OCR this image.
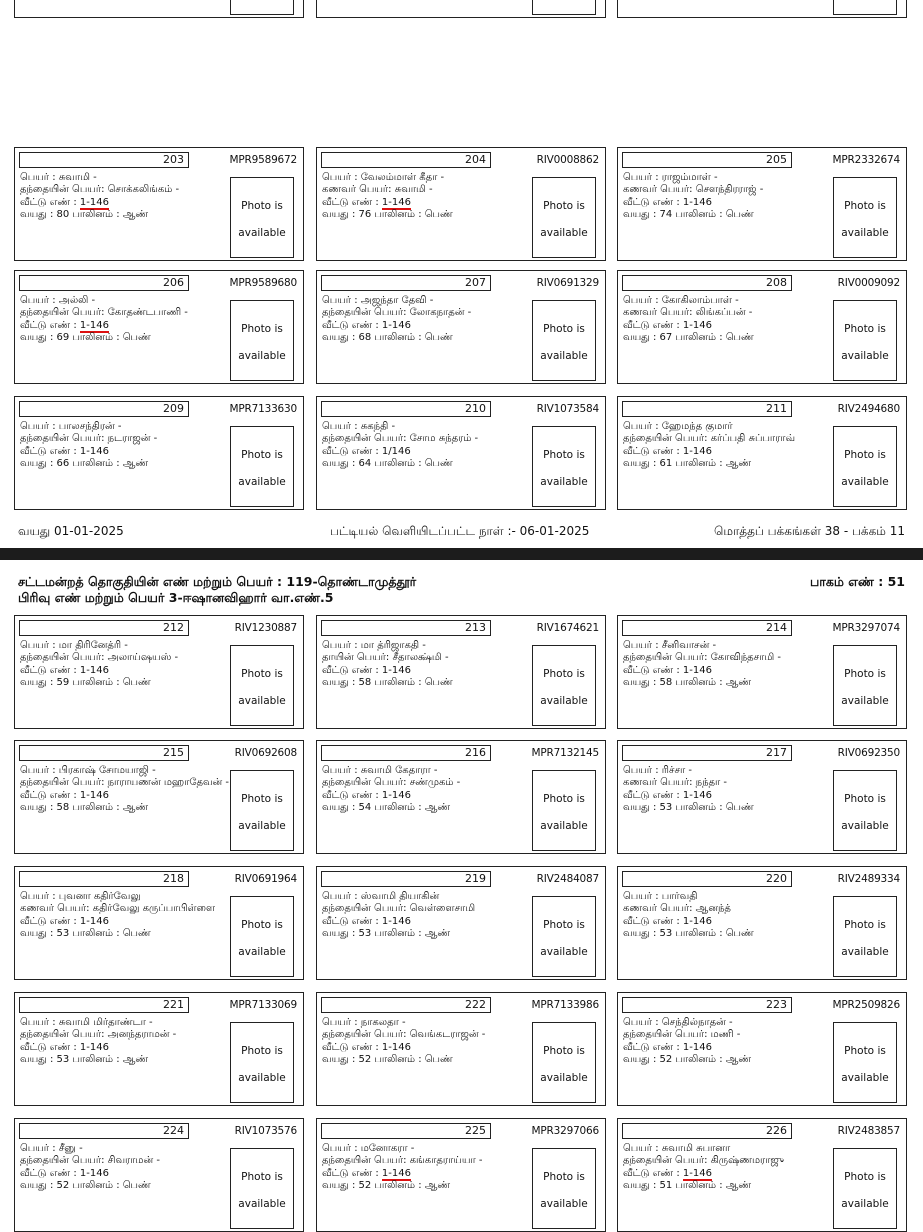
203	MPR9589672
பெயர் : சுவாமி -
தந்தையின் பெயர்: சொக்கலிங்கம் -
வீட்டு எண் : 1-146
வயது : 80 பாலினம் : ஆண்
Photo is
available
204	RIV0008862
பெயர் : வேலம்மாள் கீதா -
கணவர் பெயர்: சுவாமி -
வீட்டு எண் : 1-146
வயது : 76 பாலினம் : பெண்
Photo is
available
205	MPR2332674
பெயர் : ராஜம்மாள் -
கணவர் பெயர்: சௌந்திரராஜ் -
வீட்டு எண் : 1-146
வயது : 74 பாலினம் : பெண்
Photo is
available
206	MPR9589680
பெயர் : அல்லி -
தந்தையின் பெயர்: கோதண்டபாணி -
வீட்டு எண் : 1-146
வயது : 69 பாலினம் : பெண்
Photo is
available
207	RIV0691329
பெயர் : அஜந்தா தேவி -
தந்தையின் பெயர்: லோகநாதன் -
வீட்டு எண் : 1-146
வயது : 68 பாலினம் : பெண்
Photo is
available
208	RIV0009092
பெயர் : கோகிலாம்பாள் -
கணவர் பெயர்: லிங்கப்பன் -
வீட்டு எண் : 1-146
வயது : 67 பாலினம் : பெண்
Photo is
available
209	MPR7133630
பெயர் : பாலசந்திரன் -
தந்தையின் பெயர்: நடராஜன் -
வீட்டு எண் : 1-146
வயது : 66 பாலினம் : ஆண்
Photo is
available
210	RIV1073584
பெயர் : சுகந்தி -
தந்தையின் பெயர்: சோம சுந்தரம் -
வீட்டு எண் : 1/146
வயது : 64 பாலினம் : பெண்
Photo is
available
211	RIV2494680
பெயர் : ஹேமந்த குமார்
தந்தையின் பெயர்: கர்ப்பதி சுப்பாராவ்
வீட்டு எண் : 1-146
வயது : 61 பாலினம் : ஆண்
Photo is
available
வயது 01-01-2025	பட்டியல் வெளியிடப்பட்ட நாள் :- 06-01-2025	மொத்தப் பக்கங்கள் 38 - பக்கம் 11
சட்டமன்றத் தொகுதியின் எண் மற்றும் பெயர் : 119-தொண்டாமுத்தூர்
பிரிவு எண் மற்றும் பெயர் 3-ஈஷானவிஹார் வா.எண்.5
பாகம் எண் : 51
212	RIV1230887
பெயர் : மா திரினேத்ரி -
தந்தையின் பெயர்: அலாய்ஷயஸ் -
வீட்டு எண் : 1-146
வயது : 59 பாலினம் : பெண்
Photo is
available
213	RIV1674621
பெயர் : மா த்ரிஜாகதி -
தாயின் பெயர்: சீதாலக்ஷ்மி -
வீட்டு எண் : 1-146
வயது : 58 பாலினம் : பெண்
Photo is
available
214	MPR3297074
பெயர் : சீனிவாசன் -
தந்தையின் பெயர்: கோவிந்தசாமி -
வீட்டு எண் : 1-146
வயது : 58 பாலினம் : ஆண்
Photo is
available
215	RIV0692608
பெயர் : பிரகாஷ் சோமயாஜி -
தந்தையின் பெயர்: நாராயணன் மஹாதேவன் -
வீட்டு எண் : 1-146
வயது : 58 பாலினம் : ஆண்
Photo is
available
216	MPR7132145
பெயர் : சுவாமி கேதாரா -
தந்தையின் பெயர்: சண்முகம் -
வீட்டு எண் : 1-146
வயது : 54 பாலினம் : ஆண்
Photo is
available
217	RIV0692350
பெயர் : ரிச்சா -
கணவர் பெயர்: நந்தா -
வீட்டு எண் : 1-146
வயது : 53 பாலினம் : பெண்
Photo is
available
218	RIV0691964
பெயர் : புவனா கதிர்வேலு
கணவர் பெயர்: கதிர்வேலு கருப்பாபிள்ளை
வீட்டு எண் : 1-146
வயது : 53 பாலினம் : பெண்
Photo is
available
219	RIV2484087
பெயர் : ஸ்வாமி தியாகின்
தந்தையின் பெயர்: வெள்ளைசாமி
வீட்டு எண் : 1-146
வயது : 53 பாலினம் : ஆண்
Photo is
available
220	RIV2489334
பெயர் : பார்வதி
கணவர் பெயர்: ஆனந்த்
வீட்டு எண் : 1-146
வயது : 53 பாலினம் : பெண்
Photo is
available
221	MPR7133069
பெயர் : சுவாமி மிர்தாண்டா -
தந்தையின் பெயர்: அனந்தராமன் -
வீட்டு எண் : 1-146
வயது : 53 பாலினம் : ஆண்
Photo is
available
222	MPR7133986
பெயர் : நாகலதா -
தந்தையின் பெயர்: வெங்கடராஜன் -
வீட்டு எண் : 1-146
வயது : 52 பாலினம் : பெண்
Photo is
available
223	MPR2509826
பெயர் : செந்தில்நாதன் -
தந்தையின் பெயர்: மணி -
வீட்டு எண் : 1-146
வயது : 52 பாலினம் : ஆண்
Photo is
available
224	RIV1073576
பெயர் : சீனு -
தந்தையின் பெயர்: சிவராமன் -
வீட்டு எண் : 1-146
வயது : 52 பாலினம் : பெண்
Photo is
available
225	MPR3297066
பெயர் : மனோகரா -
தந்தையின் பெயர்: கங்காதராய்யா -
வீட்டு எண் : 1-146
வயது : 52 பாலினம் : ஆண்
Photo is
available
226	RIV2483857
பெயர் : சுவாமி சுபானா
தந்தையின் பெயர்: கிருஷ்ணமராஜு
வீட்டு எண் : 1-146
வயது : 51 பாலினம் : ஆண்
Photo is
available
